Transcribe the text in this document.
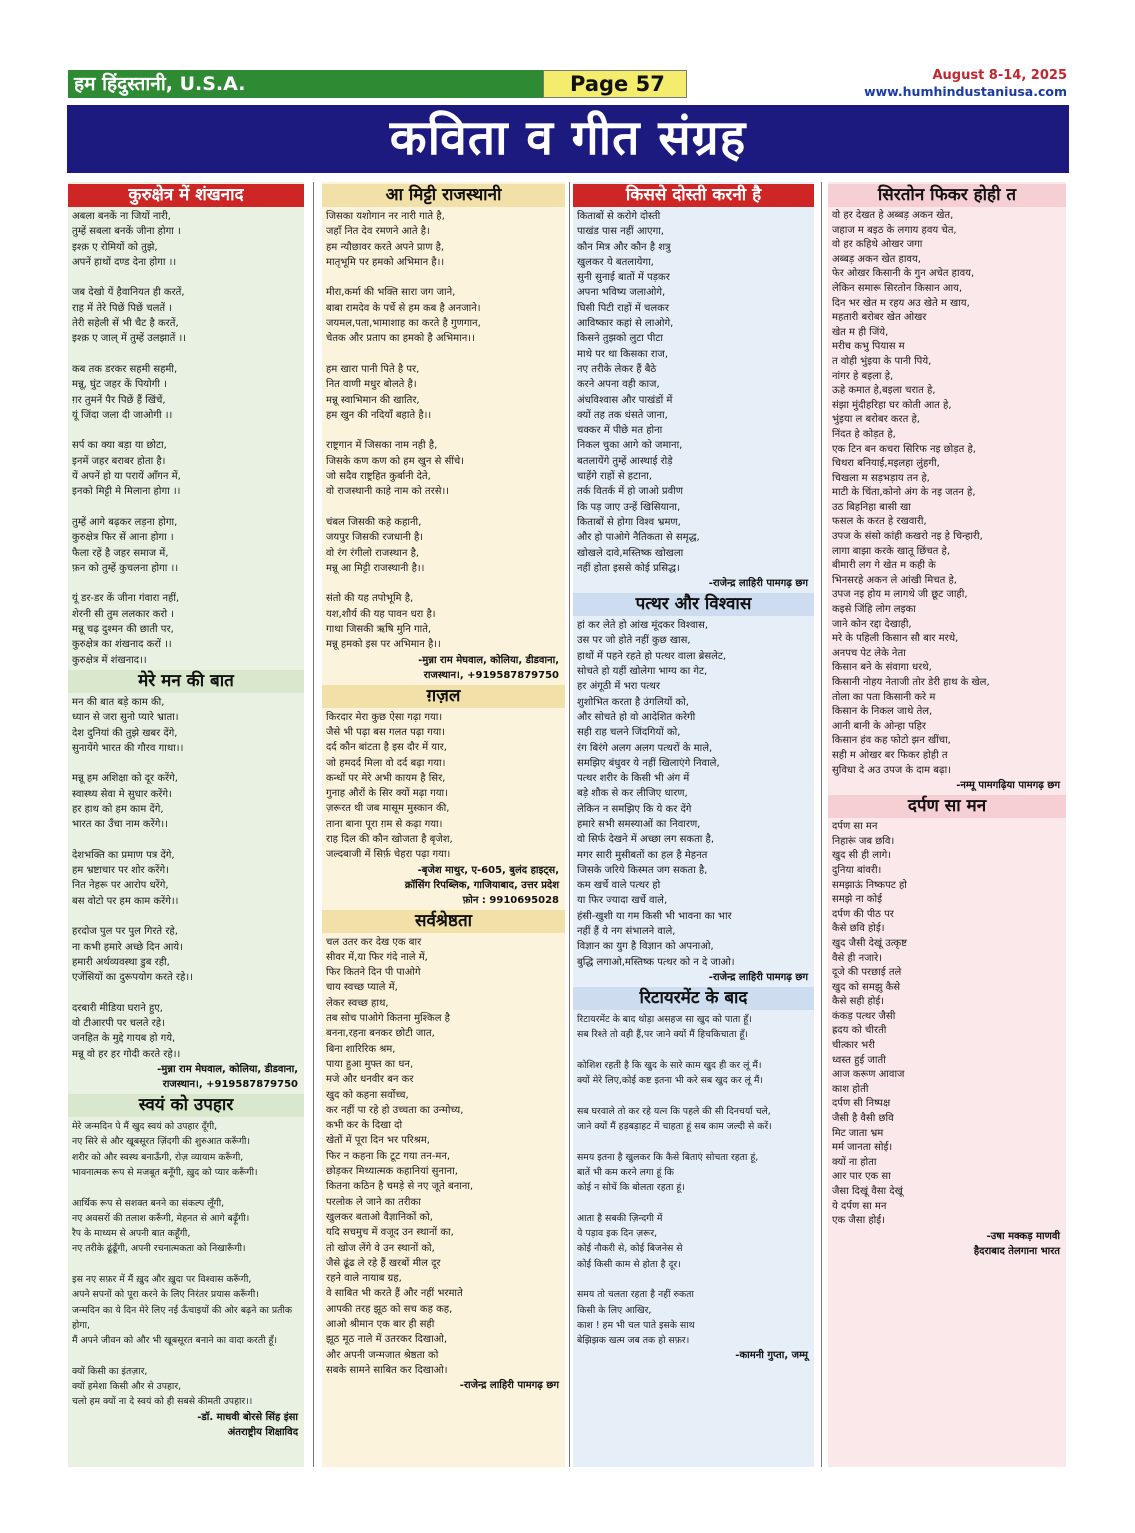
हम हिंदुस्तानी, U.S.A.	Page 57	August 8-14, 2025
www.humhindustaniusa.com
कविता व गीत संग्रह
कुरुक्षेत्र में शंखनाद
अबला बनकें ना जियों नारी,
तुम्हें सबला बनकें जीना होगा ।
इश्क़ ए रोमियों को तुझे,
अपनें हाथों दण्ड देना होगा ।।

जब देखो यें हैवानियत ही करतें,
राह में तेरे पिछें पिछें चलतें ।
तेरी सहेली सें भी चैट है करतें,
इश्क़ ए जाल् में तुम्हें उलझातें ।।

कब तक डरकर सहमी सहमी,
मन्नू, घुंट जहर कें पियोगी ।
ग़र तुमनें पैर पिछें हैं खिंचें,
यूं जिंदा जला दी जाओगी ।।

सर्प का क्या बड़ा या छोटा,
इनमें जहर बराबर होता है।
यें अपनें हो या परायें आँगन में,
इनको मिट्टी मे मिलाना होगा ।।

तुम्हें आगे बढ़कर लड़ना होगा,
कुरुक्षेत्र फिर सें आना होगा ।
फैला रहें है जहर समाज में,
फ़न को तुम्हें कुचलना होगा ।।

यूं डर-डर कें जीना गंवारा नहीं,
शेरनी सी तुम ललकार करो ।
मन्नू चढ़ दुश्मन की छाती पर,
कुरुक्षेत्र का शंखनाद करों ।।
कुरुक्षेत्र में शंखनाद।।
मेरे मन की बात
मन की बात बड़े काम की,
ध्यान से जरा सुनो प्यारे भ्राता।
देश दुनियां की तुझे खबर देंगे,
सुनायेंगे भारत की गौरव गाथा।।

मन्नू हम अशिक्षा को दूर करेंगे,
स्वास्थ्य सेवा मे सुधार करेंगे।
हर हाथ को हम काम देंगे,
भारत का उँचा नाम करेंगे।।

देशभक्ति का प्रमाण पत्र देंगे,
हम भ्रष्टाचार पर शोर करेंगे।
नित नेहरू पर आरोप धरेंगे,
बस वोटो पर हम काम करेंगे।।

हरदोज पुल पर पुल गिरते रहे,
ना कभी हमारे अच्छे दिन आये।
हमारी अर्थव्यवस्था डुब रही,
एजेंसियों का दुरूपयोग करते रहे।।

दरबारी मीडिया घराने हुए,
वो टीआरपी पर चलते रहे।
जनहित के मुद्दे गायब हो गये,
मन्नू वो हर हर गोदी करते रहे।।
-मुन्ना राम मेघवाल, कोलिया, डीडवाना,
राजस्थान।, +919587879750
स्वयं को उपहार
मेरे जन्मदिन पे मैं खुद स्वयं को उपहार दूँगी,
नए सिरे से और खूबसूरत ज़िंदगी की शुरुआत करूँगी।
शरीर को और स्वस्थ बनाऊँगी, रोज़ व्यायाम करूँगी,
भावनात्मक रूप से मजबूत बनूँगी, ख़ुद को प्यार करूँगी।

आर्थिक रूप से सशक्त बनने का संकल्प लूँगी,
नए अवसरों की तलाश करूँगी, मेहनत से आगे बढ़ूँगी।
रैप के माध्यम से अपनी बात कहूँगी,
नए तरीके ढूंढूँगी, अपनी रचनात्मकता को निखारूँगी।

इस नए सफ़र में मैं ख़ुद और ख़ुदा पर विश्वास करूँगी,
अपने सपनों को पूरा करने के लिए निरंतर प्रयास करूँगी।
जन्मदिन का ये दिन मेरे लिए नई ऊँचाइयों की ओर बढ़ने का प्रतीक होगा,
मैं अपने जीवन को और भी खूबसूरत बनाने का वादा करती हूँ।

क्यों किसी का इंतज़ार,
क्यों हमेशा किसी और से उपहार,
चलो हम क्यों ना दे स्वयं को ही सबसे कीमती उपहार।।
-डॉ. माधवी बोरसे सिंह इंसा
अंतराष्ट्रीय शिक्षाविद
आ मिट्टी राजस्थानी
जिसका यशोगान नर नारी गाते है,
जहाँ नित देव रमणने आते है।
हम न्यौछावर करते अपने प्राण है,
मातृभूमि पर हमको अभिमान है।।

मीरा,कर्मा की भक्ति सारा जग जाने,
बाबा रामदेव के पर्चे से हम कब है अनजाने।
जयमल,पता,भामाशाह का करते है गुणगान,
चेतक और प्रताप का हमको है अभिमान।।

हम खारा पानी पिते है पर,
नित वाणी मधुर बोलते है।
मन्नू स्वाभिमान की खातिर,
हम खुन की नदियाँ बहाते है।।

राष्ट्रगान में जिसका नाम नही है,
जिसके कण कण को हम खुन से सींचे।
जो सदैव राष्ट्रहित कुर्बानी देते,
वो राजस्थानी काहे नाम को तरसे।।

चंबल जिसकी कहे कहानी,
जयपुर जिसकी रजधानी है।
वो रंग रंगीलो राजस्थान है,
मन्नू आ मिट्टी राजस्थानी है।।

संतो की यह तपोभूमि है,
यश,शौर्य की यह पावन धरा है।
गाथा जिसकी ऋषि मुनि गाते,
मन्नू हमको इस पर अभिमान है।।
-मुन्ना राम मेघवाल, कोलिया, डीडवाना,
राजस्थान।, +919587879750
ग़ज़ल
किरदार मेरा कुछ ऐसा गढ़ा गया।
जैसे भी पढ़ा बस गलत पढ़ा गया।
दर्द कौन बांटता है इस दौर में यार,
जो हमदर्द मिला वो दर्द बढ़ा गया।
कन्धों पर मेरे अभी कायम है सिर,
गुनाह औरों के सिर क्यों मढ़ा गया।
ज़रूरत थी जब मासूम मुस्कान की,
ताना बाना पूरा ग़म से कढ़ा गया।
राह दिल की कौन खोजता है बृजेश,
जल्दबाजी में सिर्फ़ चेहरा पढ़ा गया।
-बृजेश माथुर, ए-605, बुलंद हाइट्स,
क्रॉसिंग रिपब्लिक, गाजियाबाद, उत्तर प्रदेश
फ़ोन : 9910695028
सर्वश्रेष्ठता
चल उतर कर देख एक बार
सीवर में,या फिर गंदे नाले में,
फिर कितने दिन पी पाओगे
चाय स्वच्छ प्याले में,
लेकर स्वच्छ हाथ,
तब सोच पाओगे कितना मुश्किल है
बनना,रहना बनकर छोटी जात,
बिना शारिरिक श्रम,
पाया हुआ मुफ्त का धन,
मजे और धनवीर बन कर
खुद को कहना सर्वोच्च,
कर नहीं पा रहे हो उच्चता का उन्मोच्य,
कभी कर के दिखा दो
खेतों में पूरा दिन भर परिश्रम,
फिर न कहना कि टूट गया तन-मन,
छोड़कर मिथ्यात्मक कहानियां सुनाना,
कितना कठिन है चमड़े से नए जूते बनाना,
परलोक ले जाने का तरीका
खुलकर बताओ वैज्ञानिकों को,
यदि सचमुच में वजूद उन स्थानों का,
तो खोज लेंगे वे उन स्थानों को,
जैसे ढूंढ ले रहे हैं खरबों मील दूर
रहने वाले नायाब ग्रह,
वे साबित भी करते हैं और नहीं भरमाते
आपकी तरह झूठ को सच कह कह,
आओ श्रीमान एक बार ही सही
झूठ मूठ नाले में उतरकर दिखाओ,
और अपनी जन्मजात श्रेष्ठता को
सबके सामने साबित कर दिखाओ।
-राजेन्द्र लाहिरी पामगढ़ छग
किससे दोस्ती करनी है
किताबों से करोगे दोस्ती
पाखंड पास नहीं आएगा,
कौन मित्र और कौन है शत्रु
खुलकर ये बतलायेगा,
सुनी सुनाई बातों में पड़कर
अपना भविष्य जलाओगे,
घिसी पिटी राहों में चलकर
आविष्कार कहां से लाओगे,
किसने तुझको लुटा पीटा
माथे पर था किसका राज,
नए तरीके लेकर हैं बैठे
करने अपना वही काज,
अंधविश्वास और पाखंडों में
क्यों तह तक धंसते जाना,
चक्कर में पीछे मत होना
निकल चुका आगे को जमाना,
बतलायेंगे तुम्हें आस्थाई रोड़े
चाहेंगे राहों से हटाना,
तर्क वितर्क में हो जाओ प्रवीण
कि पड़ जाए उन्हें खिसियाना,
किताबों से होगा विश्व भ्रमण,
और हो पाओगे नैतिकता से समृद्ध,
खोखले दावे,मस्तिष्क खोखला
नहीं होता इससे कोई प्रसिद्ध।
-राजेन्द्र लाहिरी पामगढ़ छग
पत्थर और विश्वास
हां कर लेते हो आंख मूंदकर विश्वास,
उस पर जो होते नहीं कुछ खास,
हाथों में पहने रहते हो पत्थर वाला ब्रेसलेट,
सोचते हो यहीं खोलेगा भाग्य का गेट,
हर अंगूठी में भरा पत्थर
शुशोभित करता है उंगलियों को,
और सोचते हो वो आदेशित करेगी
सही राह चलने जिंदगियों को,
रंग बिरंगे अलग अलग पत्थरों के माले,
समझिए बंधुवर ये नहीं खिलाएंगे निवाले,
पत्थर शरीर के किसी भी अंग में
बड़े शौक से कर लीजिए धारण,
लेकिन न समझिए कि ये कर देंगे
हमारे सभी समस्याओं का निवारण,
वो सिर्फ देखने में अच्छा लग सकता है,
मगर सारी मुसीबतों का हल है मेहनत
जिसके जरिये किस्मत जग सकता है,
कम खर्चे वाले पत्थर हो
या फिर ज्यादा खर्चे वाले,
हंसी-खुशी या गम किसी भी भावना का भार
नहीं हैं ये नग संभालने वाले,
विज्ञान का युग है विज्ञान को अपनाओ,
बुद्धि लगाओ,मस्तिष्क पत्थर को न दे जाओ।
-राजेन्द्र लाहिरी पामगढ़ छग
रिटायरमेंट के बाद
रिटायरमेंट के बाद थोड़ा असहज सा खुद को पाता हूँ।
सब रिश्ते तो वही हैं,पर जाने क्यों मैं हिचकिचाता हूँ।

कोशिश रहती है कि खुद के सारे काम खुद ही कर लूं मैं।
क्यों मेरे लिए,कोई कष्ट इतना भी करे सब खुद कर लूं मैं।

सब घरवाले तो कर रहे यत्न कि पहले की सी दिनचर्या चले,
जाने क्यों मैं हड़बड़ाहट में चाहता हूं सब काम जल्दी से करें।

समय इतना है खुलकर कि कैसे बिताएं सोचता रहता हूं,
बातें भी कम करने लगा हूं कि
कोई न सोचें कि बोलता रहता हूं।

आता है सबकी ज़िन्दगी में
ये पड़ाव इक दिन ज़रूर,
कोई नौकरी से, कोई बिजनेस से
कोई किसी काम से होता है दूर।

समय तो चलता रहता है नहीं रुकता
किसी के लिए आखिर,
काश ! हम भी चल पाते इसके साथ
बेझिझक खत्म जब तक हो सफ़र।
-कामनी गुप्ता, जम्मू
सिरतोन फिकर होही त
वो हर देखत हे अब्बड़ अकन खेत,
जहाज म बइठ के लगाय हवय चेत,
वो हर कहिथे ओखर जगा
अब्बड़ अकन खेत हावय,
फेर ओखर किसानी के गुन अचेत हावय,
लेकिन समारू सिरतोन किसान आय,
दिन भर खेत म रहय अउ खेते म खाय,
महतारी बरोबर खेत ओखर
खेत म ही जिंये,
मरीच कभु पियास म
त वोही भुंइया के पानी पिये,
नांगर हे बइला हे,
ऊहे कमात हे,बइला चरात हे,
संझा मुंदीहरिहा घर कोती आत हे,
भुंइया ल बरोबर करत हे,
निंदत हे कोड़त हे,
एक टिन बन कचरा सिरिफ नइ छोड़त हे,
चिथरा बनियाई,मइलहा लुंहगी,
चिखला म सड़भड़ाय तन हे,
माटी के चिंता,कोनो अंग के नइ जतन हे,
उठ बिहनिहा बासी खा
फसल के करत हे रखवारी,
उपज के संसो कांही कखरो नइ हे चिन्हारी,
लागा बाझा करके खातू छिंचत हे,
बीमारी लग गे खेत म कही के
भिनसरहे अकन ले आंखी मिचत हे,
उपज नइ होय म लागथे जी छूट जाही,
कइसे जिंहि लोग लइका
जाने कोन रद्दा देखाही,
मरे के पहिली किसान सौ बार मरथे,
अनपच पेट लेके नेता
किसान बने के संवागा धरथे,
किसानी नोहय नेताजी तोर डेरी हाथ के खेल,
तोला का पता किसानी करे म
किसान के निकल जाथे तेल,
आनी बानी के ओन्हा पहिर
किसान हंव कह फोटो झन खींचा,
सही म ओखर बर फिकर होही त
सुविधा दे अउ उपज के दाम बढ़ा।
-नम्मू पामगढ़िया पामगढ़ छग
दर्पण सा मन
दर्पण सा मन
निहारूं जब छवि।
खुद सी ही लागे।
दुनिया बांवरी।
समझाऊं निष्कपट हो
समझे ना कोई
दर्पण की पीठ पर
कैसे छवि होई।
खुद जैसी देखूं उत्कृष्ट
वैसे ही नजारे।
दूजे की परछाई तले
खुद को समझु कैसे
कैसे सही होई।
कंकड़ पत्थर जैसी
ह्रदय को चीरती
चीत्कार भरी
ध्वस्त हुई जाती
आज करूण आवाज
काश होती
दर्पण सी निष्पक्ष
जैसी है वैसी छवि
मिट जाता भ्रम
मर्म जानता सोई।
क्यों ना होता
आर पार एक सा
जैसा दिखूं वैसा देखूं
ये दर्पण सा मन
एक जैसा होई।
-उषा मक्कड़ माणवी
हैदराबाद तेलगाना भारत
